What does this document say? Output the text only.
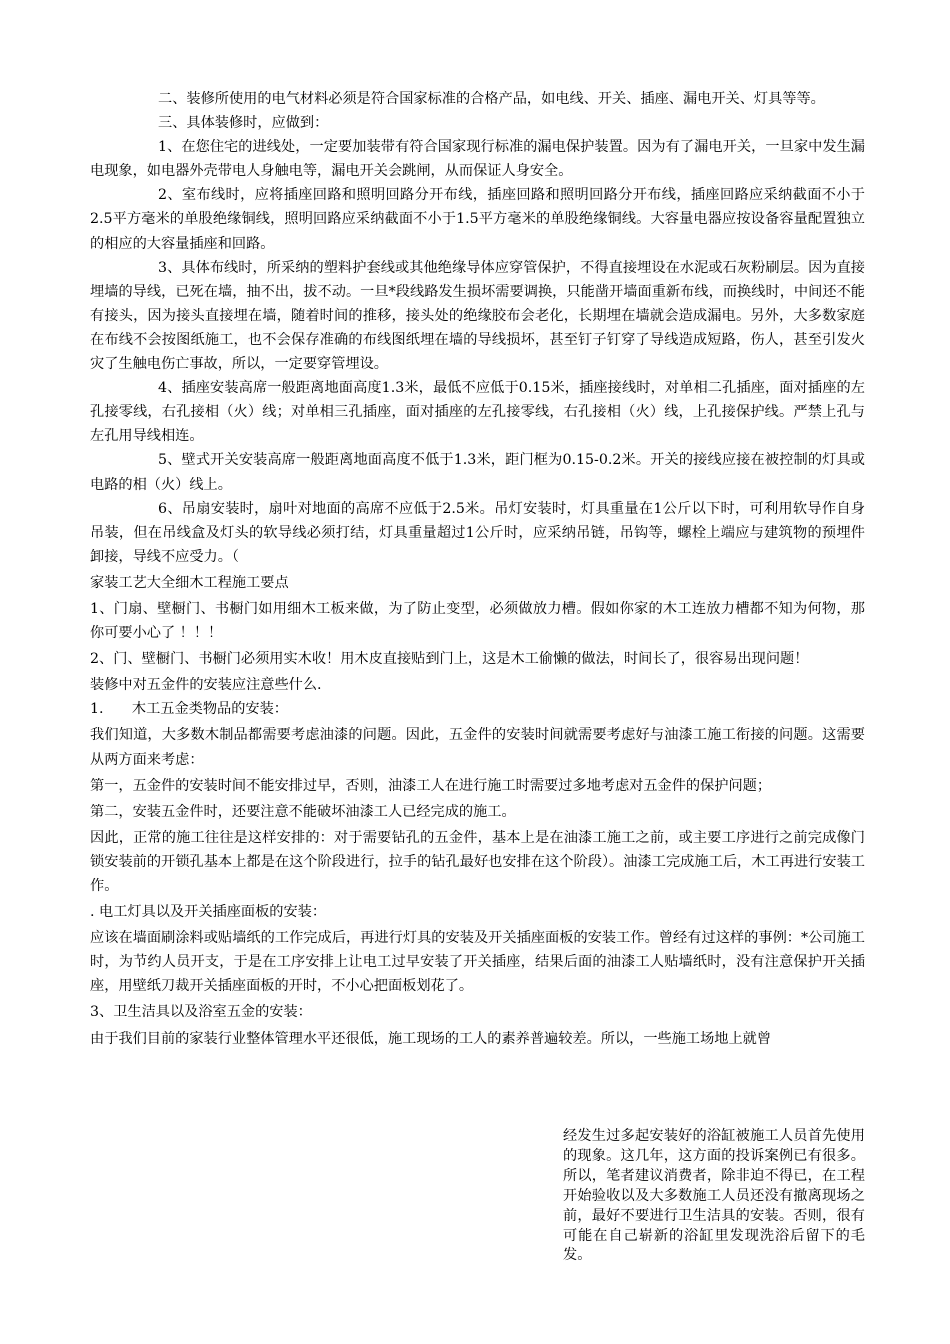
二、装修所使用的电气材料必须是符合国家标准的合格产品，如电线、开关、插座、漏电开关、灯具等等。

三、具体装修时，应做到：

1、在您住宅的进线处，一定要加装带有符合国家现行标准的漏电保护装置。因为有了漏电开关，一旦家中发生漏电现象，如电器外壳带电人身触电等，漏电开关会跳闸，从而保证人身安全。

2、室布线时，应将插座回路和照明回路分开布线，插座回路和照明回路分开布线，插座回路应采纳截面不小于2.5平方毫米的单股绝缘铜线，照明回路应采纳截面不小于1.5平方毫米的单股绝缘铜线。大容量电器应按设备容量配置独立的相应的大容量插座和回路。

3、具体布线时，所采纳的塑料护套线或其他绝缘导体应穿管保护，不得直接埋设在水泥或石灰粉刷层。因为直接埋墙的导线，已死在墙，抽不出，拔不动。一旦*段线路发生损坏需要调换，只能凿开墙面重新布线，而换线时，中间还不能有接头，因为接头直接埋在墙，随着时间的推移，接头处的绝缘胶布会老化，长期埋在墙就会造成漏电。另外，大多数家庭在布线不会按图纸施工，也不会保存准确的布线图纸埋在墙的导线损坏，甚至钉子钉穿了导线造成短路，伤人，甚至引发火灾了生触电伤亡事故，所以，一定要穿管埋设。

4、插座安装高席一般距离地面高度1.3米，最低不应低于0.15米，插座接线时，对单相二孔插座，面对插座的左孔接零线，右孔接相（火）线；对单相三孔插座，面对插座的左孔接零线，右孔接相（火）线，上孔接保护线。严禁上孔与左孔用导线相连。

5、壁式开关安装高席一般距离地面高度不低于1.3米，距门框为0.15-0.2米。开关的接线应接在被控制的灯具或电路的相（火）线上。

6、吊扇安装时，扇叶对地面的高席不应低于2.5米。吊灯安装时，灯具重量在1公斤以下时，可利用软导作自身吊装，但在吊线盒及灯头的软导线必须打结，灯具重量超过1公斤时，应采纳吊链，吊钩等，螺栓上端应与建筑物的预埋件卸接，导线不应受力。（

家装工艺大全细木工程施工要点

1、门扇、壁橱门、书橱门如用细木工板来做，为了防止变型，必须做放力槽。假如你家的木工连放力槽都不知为何物，那你可要小心了 ！！！

2、门、壁橱门、书橱门必须用实木收！用木皮直接贴到门上，这是木工偷懒的做法，时间长了，很容易出现问题！

装修中对五金件的安装应注意些什么.

1.　　木工五金类物品的安装：

我们知道，大多数木制品都需要考虑油漆的问题。因此，五金件的安装时间就需要考虑好与油漆工施工衔接的问题。这需要从两方面来考虑：

第一，五金件的安装时间不能安排过早，否则，油漆工人在进行施工时需要过多地考虑对五金件的保护问题；

第二，安装五金件时，还要注意不能破坏油漆工人已经完成的施工。

因此，正常的施工往往是这样安排的：对于需要钻孔的五金件，基本上是在油漆工施工之前，或主要工序进行之前完成像门锁安装前的开锁孔基本上都是在这个阶段进行，拉手的钻孔最好也安排在这个阶段）。油漆工完成施工后，木工再进行安装工作。

. 电工灯具以及开关插座面板的安装：

应该在墙面刷涂料或贴墙纸的工作完成后，再进行灯具的安装及开关插座面板的安装工作。曾经有过这样的事例：*公司施工时，为节约人员开支，于是在工序安排上让电工过早安装了开关插座，结果后面的油漆工人贴墙纸时，没有注意保护开关插座，用壁纸刀裁开关插座面板的开时，不小心把面板划花了。

3、卫生洁具以及浴室五金的安装：

由于我们目前的家装行业整体管理水平还很低，施工现场的工人的素养普遍较差。所以，一些施工场地上就曾

经发生过多起安装好的浴缸被施工人员首先使用的现象。这几年，这方面的投诉案例已有很多。所以，笔者建议消费者，除非迫不得已，在工程开始验收以及大多数施工人员还没有撤离现场之前，最好不要进行卫生洁具的安装。否则，很有可能在自己崭新的浴缸里发现洗浴后留下的毛发。
